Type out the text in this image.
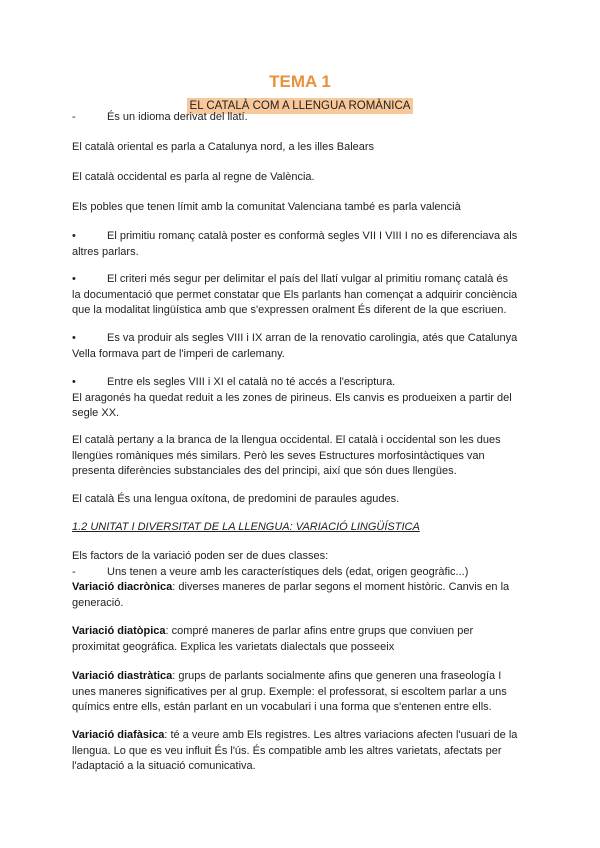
TEMA 1
EL CATALÀ COM A LLENGUA ROMÀNICA
-	És un idioma derivat del llatí.
El català oriental es parla a Catalunya nord, a les illes Balears
El català occidental es parla al regne de València.
Els pobles que tenen límit amb la comunitat Valenciana també es parla valencià
•	El primitiu romanç català poster es conformà segles VII I VIII I no es diferenciava als
altres parlars.
•	El criteri més segur per delimitar el país del llatí vulgar al primitiu romanç català és
la documentació que permet constatar que Els parlants han començat a adquirir conciència
que la modalitat lingüística amb que s'expressen oralment És diferent de la que escriuen.
•	Es va produir als segles VIII i IX arran de la renovatio carolingia, atés que Catalunya
Vella formava part de l'imperi de carlemany.
•	Entre els segles VIII i XI el català no té accés a l'escriptura.
El aragonés ha quedat reduit a les zones de pirineus. Els canvis es produeixen a partir del
segle XX.
El català pertany a la branca de la llengua occidental. El català i occidental son les dues
llengües romàniques més similars. Però les seves Estructures morfosintàctiques van
presenta diferències substanciales des del principi, així que són dues llengües.
El català És una lengua oxítona, de predomini de paraules agudes.
1.2 UNITAT I DIVERSITAT DE LA LLENGUA: VARIACIÓ LINGÜÍSTICA
Els factors de la variació poden ser de dues classes:
-	Uns tenen a veure amb les característiques dels (edat, origen geogràfic...)
Variació diacrònica: diverses maneres de parlar segons el moment històric. Canvis en la
generació.
Variació diatòpica: compré maneres de parlar afins entre grups que conviuen per
proximitat geográfica. Explica les varietats dialectals que posseeix
Variació diastràtica: grups de parlants socialmente afins que generen una fraseología I
unes maneres significatives per al grup. Exemple: el professorat, si escoltem parlar a uns
químics entre ells, están parlant en un vocabulari i una forma que s'entenen entre ells.
Variació diafàsica: té a veure amb Els registres. Les altres variacions afecten l'usuari de la
llengua. Lo que es veu influit És l'ús. És compatible amb les altres varietats, afectats per
l'adaptació a la situació comunicativa.
